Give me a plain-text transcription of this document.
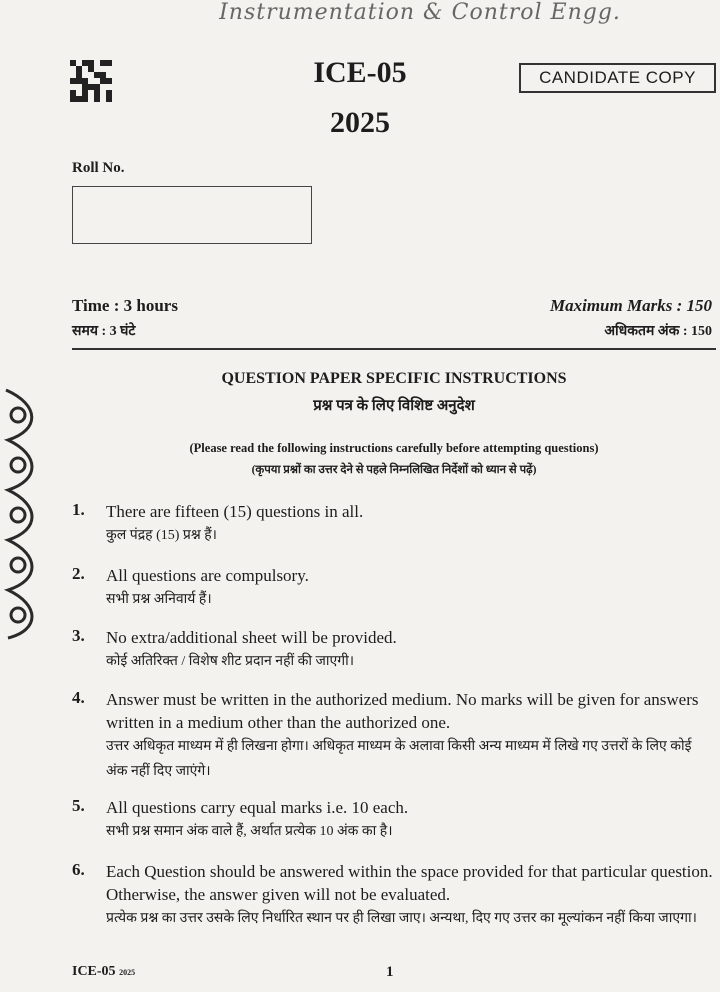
Instrumentation & Control Engg.
ICE-05
2025
CANDIDATE COPY
Roll No.
Time : 3 hours
समय : 3 घंटे
Maximum Marks : 150
अधिकतम अंक : 150
QUESTION PAPER SPECIFIC INSTRUCTIONS
प्रश्न पत्र के लिए विशिष्ट अनुदेश
(Please read the following instructions carefully before attempting questions)
(कृपया प्रश्नों का उत्तर देने से पहले निम्नलिखित निर्देशों को ध्यान से पढ़ें)
1. There are fifteen (15) questions in all.
कुल पंद्रह (15) प्रश्न हैं।
2. All questions are compulsory.
सभी प्रश्न अनिवार्य हैं।
3. No extra/additional sheet will be provided.
कोई अतिरिक्त / विशेष शीट प्रदान नहीं की जाएगी।
4. Answer must be written in the authorized medium. No marks will be given for answers written in a medium other than the authorized one.
उत्तर अधिकृत माध्यम में ही लिखना होगा। अधिकृत माध्यम के अलावा किसी अन्य माध्यम में लिखे गए उत्तरों के लिए कोई अंक नहीं दिए जाएंगे।
5. All questions carry equal marks i.e. 10 each.
सभी प्रश्न समान अंक वाले हैं, अर्थात प्रत्येक 10 अंक का है।
6. Each Question should be answered within the space provided for that particular question. Otherwise, the answer given will not be evaluated.
प्रत्येक प्रश्न का उत्तर उसके लिए निर्धारित स्थान पर ही लिखा जाए। अन्यथा, दिए गए उत्तर का मूल्यांकन नहीं किया जाएगा।
ICE-05 2025	1
